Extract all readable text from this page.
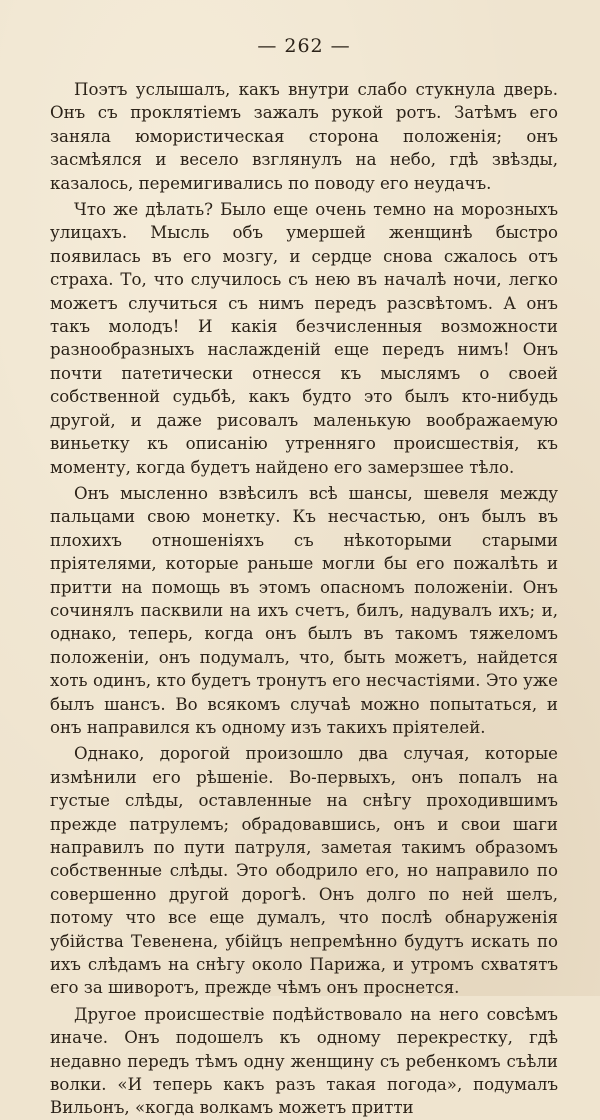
— 262 —

Поэтъ услышалъ, какъ внутри слабо стукнула дверь. Онъ съ проклятіемъ зажалъ рукой ротъ. Затѣмъ его заняла юмористическая сторона положенія; онъ засмѣялся и весело взглянулъ на небо, гдѣ звѣзды, казалось, перемигивались по поводу его неудачъ.

Что же дѣлать? Было еще очень темно на морозныхъ улицахъ. Мысль объ умершей женщинѣ быстро появилась въ его мозгу, и сердце снова сжалось отъ страха. То, что случилось съ нею въ началѣ ночи, легко можетъ случиться съ нимъ передъ разсвѣтомъ. А онъ такъ молодъ! И какія безчисленныя возможности разнообразныхъ наслажденій еще передъ нимъ! Онъ почти патетически отнесся къ мыслямъ о своей собственной судьбѣ, какъ будто это былъ кто-нибудь другой, и даже рисовалъ маленькую воображаемую виньетку къ описанію утренняго происшествія, къ моменту, когда будетъ найдено его замерзшее тѣло.

Онъ мысленно взвѣсилъ всѣ шансы, шевеля между пальцами свою монетку. Къ несчастью, онъ былъ въ плохихъ отношеніяхъ съ нѣкоторыми старыми пріятелями, которые раньше могли бы его пожалѣть и притти на помощь въ этомъ опасномъ положеніи. Онъ сочинялъ пасквили на ихъ счетъ, билъ, надувалъ ихъ; и, однако, теперь, когда онъ былъ въ такомъ тяжеломъ положеніи, онъ подумалъ, что, быть можетъ, найдется хоть одинъ, кто будетъ тронутъ его несчастіями. Это уже былъ шансъ. Во всякомъ случаѣ можно попытаться, и онъ направился къ одному изъ такихъ пріятелей.

Однако, дорогой произошло два случая, которые измѣнили его рѣшеніе. Во-первыхъ, онъ попалъ на густые слѣды, оставленные на снѣгу проходившимъ прежде патрулемъ; обрадовавшись, онъ и свои шаги направилъ по пути патруля, заметая такимъ образомъ собственные слѣды. Это ободрило его, но направило по совершенно другой дорогѣ. Онъ долго по ней шелъ, потому что все еще думалъ, что послѣ обнаруженія убійства Тевенена, убійцъ непремѣнно будутъ искать по ихъ слѣдамъ на снѣгу около Парижа, и утромъ схватятъ его за шиворотъ, прежде чѣмъ онъ проснется.

Другое происшествіе подѣйствовало на него совсѣмъ иначе. Онъ подошелъ къ одному перекрестку, гдѣ недавно передъ тѣмъ одну женщину съ ребенкомъ съѣли волки. «И теперь какъ разъ такая погода», подумалъ Вильонъ, «когда волкамъ можетъ притти
